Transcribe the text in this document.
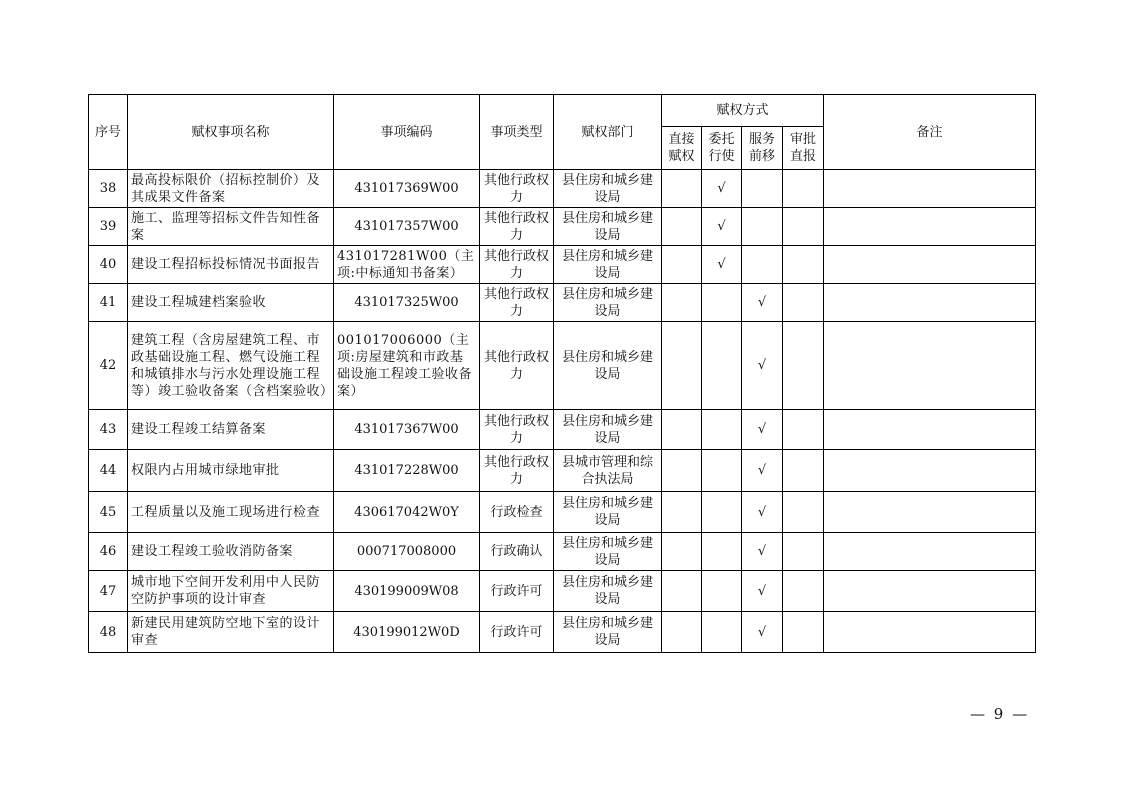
序号	赋权事项名称	事项编码	事项类型	赋权部门	赋权方式				备注
					直接赋权	委托行使	服务前移	审批直报	
38	最高投标限价（招标控制价）及其成果文件备案	431017369W00	其他行政权力	县住房和城乡建设局		√			
39	施工、监理等招标文件告知性备案	431017357W00	其他行政权力	县住房和城乡建设局		√			
40	建设工程招标投标情况书面报告	431017281W00（主项:中标通知书备案）	其他行政权力	县住房和城乡建设局		√			
41	建设工程城建档案验收	431017325W00	其他行政权力	县住房和城乡建设局			√		
42	建筑工程（含房屋建筑工程、市政基础设施工程、燃气设施工程和城镇排水与污水处理设施工程等）竣工验收备案（含档案验收）	001017006000（主项:房屋建筑和市政基础设施工程竣工验收备案）	其他行政权力	县住房和城乡建设局			√		
43	建设工程竣工结算备案	431017367W00	其他行政权力	县住房和城乡建设局			√		
44	权限内占用城市绿地审批	431017228W00	其他行政权力	县城市管理和综合执法局			√		
45	工程质量以及施工现场进行检查	430617042W0Y	行政检查	县住房和城乡建设局			√		
46	建设工程竣工验收消防备案	000717008000	行政确认	县住房和城乡建设局			√		
47	城市地下空间开发利用中人民防空防护事项的设计审查	430199009W08	行政许可	县住房和城乡建设局			√		
48	新建民用建筑防空地下室的设计审查	430199012W0D	行政许可	县住房和城乡建设局			√		
— 9 —
